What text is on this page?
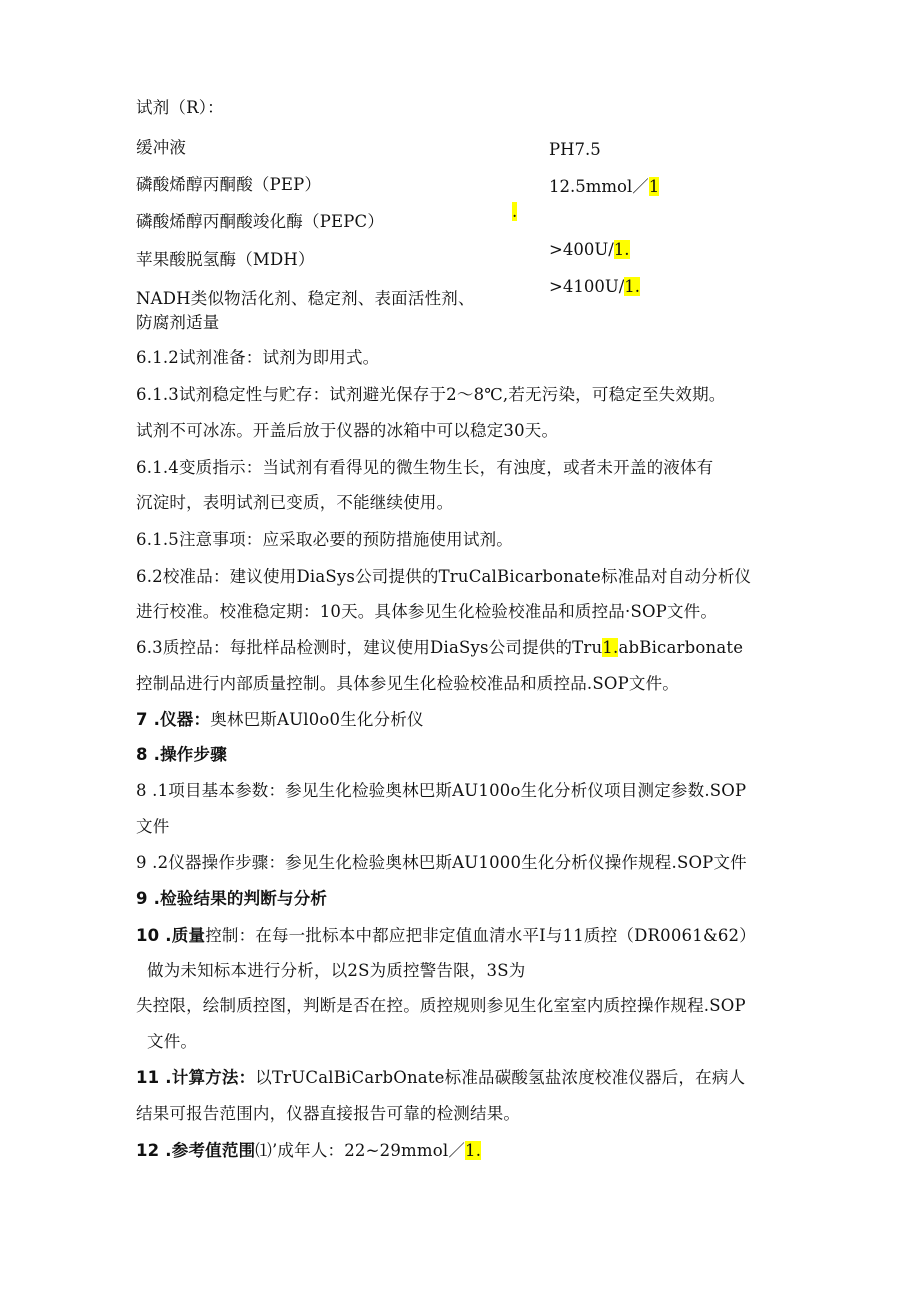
试剂（R）：
缓冲液	PH7.5
磷酸烯醇丙酮酸（PEP）	12.5mmol／1
磷酸烯醇丙酮酸竣化酶（PEPC）
.
苹果酸脱氢酶（MDH）
>400U/1.
NADH类似物活化剂、稳定剂、表面活性剂、
>4100U/1.
防腐剂适量
6.1.2试剂准备：试剂为即用式。
6.1.3试剂稳定性与贮存：试剂避光保存于2～8℃,若无污染，可稳定至失效期。
试剂不可冰冻。开盖后放于仪器的冰箱中可以稳定30天。
6.1.4变质指示：当试剂有看得见的微生物生长，有浊度，或者未开盖的液体有
沉淀时，表明试剂已变质，不能继续使用。
6.1.5注意事项：应采取必要的预防措施使用试剂。
6.2校准品：建议使用DiaSys公司提供的TruCalBicarbonate标准品对自动分析仪
进行校准。校准稳定期：10天。具体参见生化检验校准品和质控品·SOP文件。
6.3质控品：每批样品检测时，建议使用DiaSys公司提供的Tru1.abBicarbonate
控制品进行内部质量控制。具体参见生化检验校准品和质控品.SOP文件。
7 .仪器：奥林巴斯AUl0o0生化分析仪
8 .操作步骤
8 .1项目基本参数：参见生化检验奥林巴斯AU100o生化分析仪项目测定参数.SOP
文件
9 .2仪器操作步骤：参见生化检验奥林巴斯AU1000生化分析仪操作规程.SOP文件
9 .检验结果的判断与分析
10 .质量控制：在每一批标本中都应把非定值血清水平I与11质控（DR0061&62）
做为未知标本进行分析，以2S为质控警告限，3S为
失控限，绘制质控图，判断是否在控。质控规则参见生化室室内质控操作规程.SOP
文件。
11 .计算方法：以TrUCalBiCarbOnate标准品碳酸氢盐浓度校准仪器后，在病人
结果可报告范围内，仪器直接报告可靠的检测结果。
12 .参考值范围⑴’成年人：22~29mmol／1.
